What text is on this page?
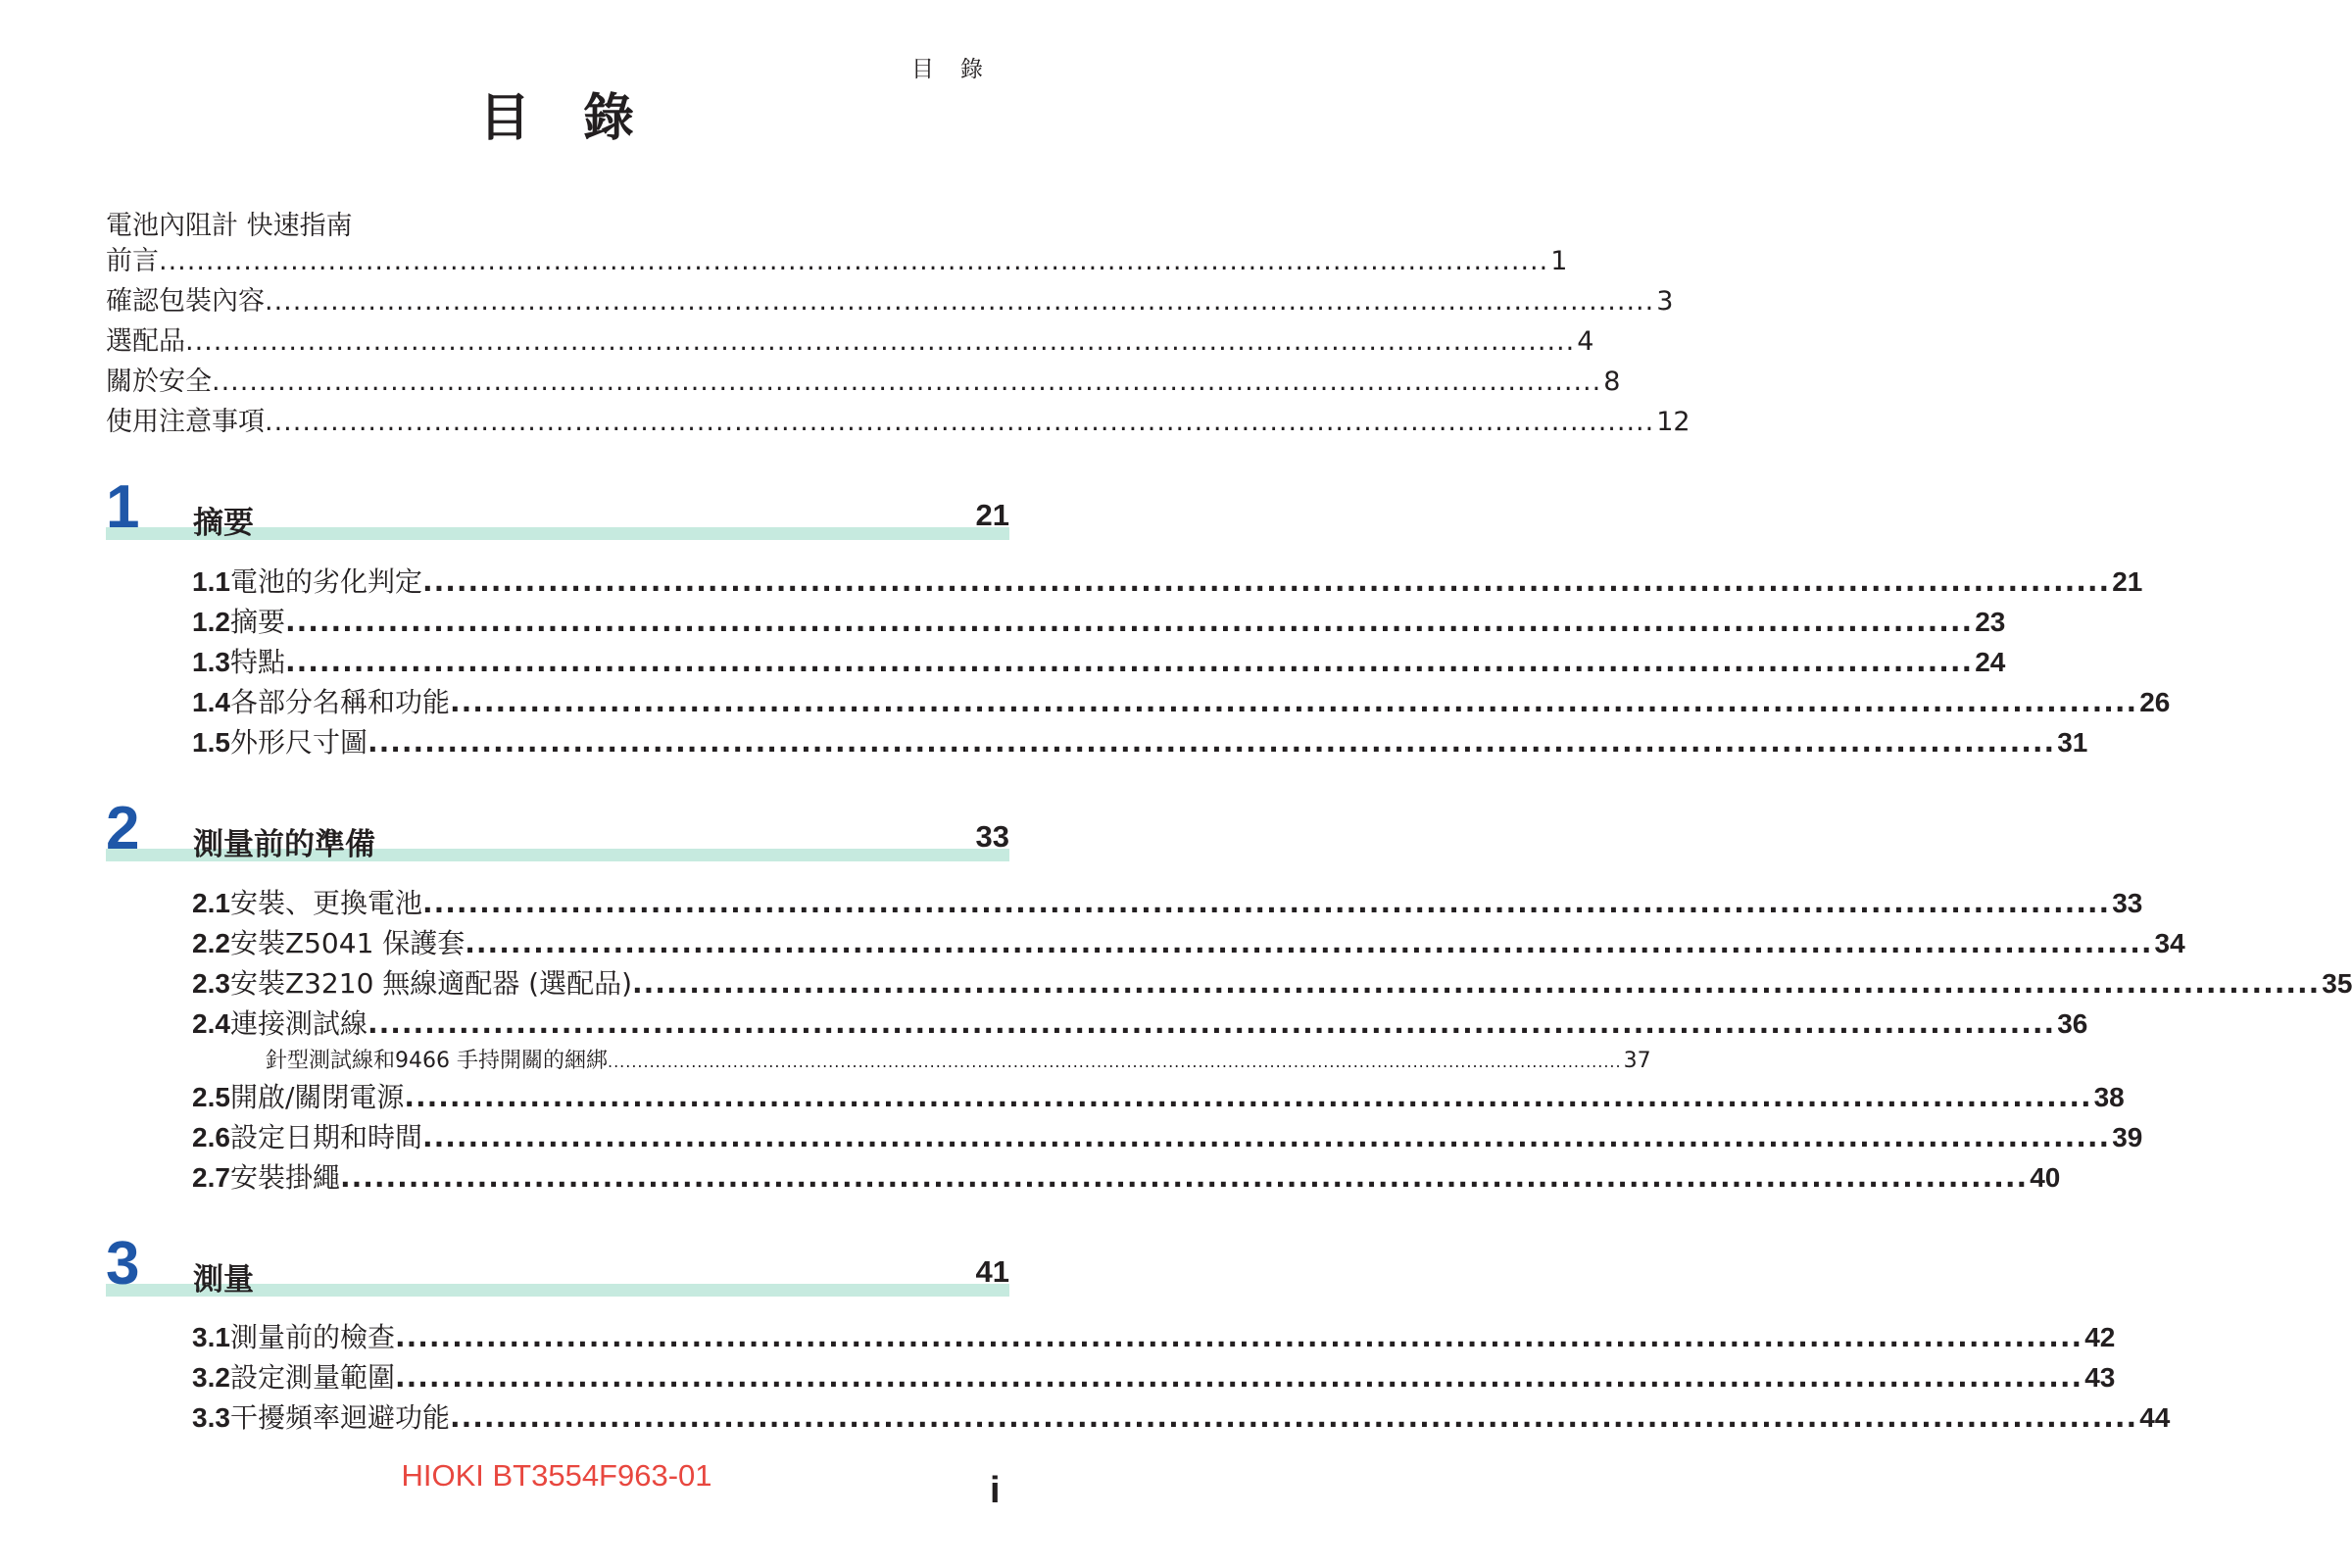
目　錄
目 錄
電池內阻計 快速指南
前言 .................................................................................................................................................... 1
確認包裝內容 .................................................................................................................................................... 3
選配品 .................................................................................................................................................... 4
關於安全 .................................................................................................................................................... 8
使用注意事項 .................................................................................................................................................... 12
1 摘要	21
1.1 電池的劣化判定 .................................................................................................................................................... 21
1.2 摘要 .................................................................................................................................................... 23
1.3 特點 .................................................................................................................................................... 24
1.4 各部分名稱和功能 .................................................................................................................................................... 26
1.5 外形尺寸圖 .................................................................................................................................................... 31
2 測量前的準備	33
2.1 安裝、更換電池 .................................................................................................................................................... 33
2.2 安裝Z5041 保護套 .................................................................................................................................................... 34
2.3 安裝Z3210 無線適配器 (選配品) .................................................................................................................................................... 35
2.4 連接測試線 .................................................................................................................................................... 36
針型測試線和9466 手持開關的綑綁 .......................................................................................................................................................................... 37
2.5 開啟/關閉電源 .................................................................................................................................................... 38
2.6 設定日期和時間 .................................................................................................................................................... 39
2.7 安裝掛繩 .................................................................................................................................................... 40
3 測量	41
3.1 測量前的檢查 .................................................................................................................................................... 42
3.2 設定測量範圍 .................................................................................................................................................... 43
3.3 干擾頻率迴避功能 .................................................................................................................................................... 44
HIOKI BT3554F963-01	i
